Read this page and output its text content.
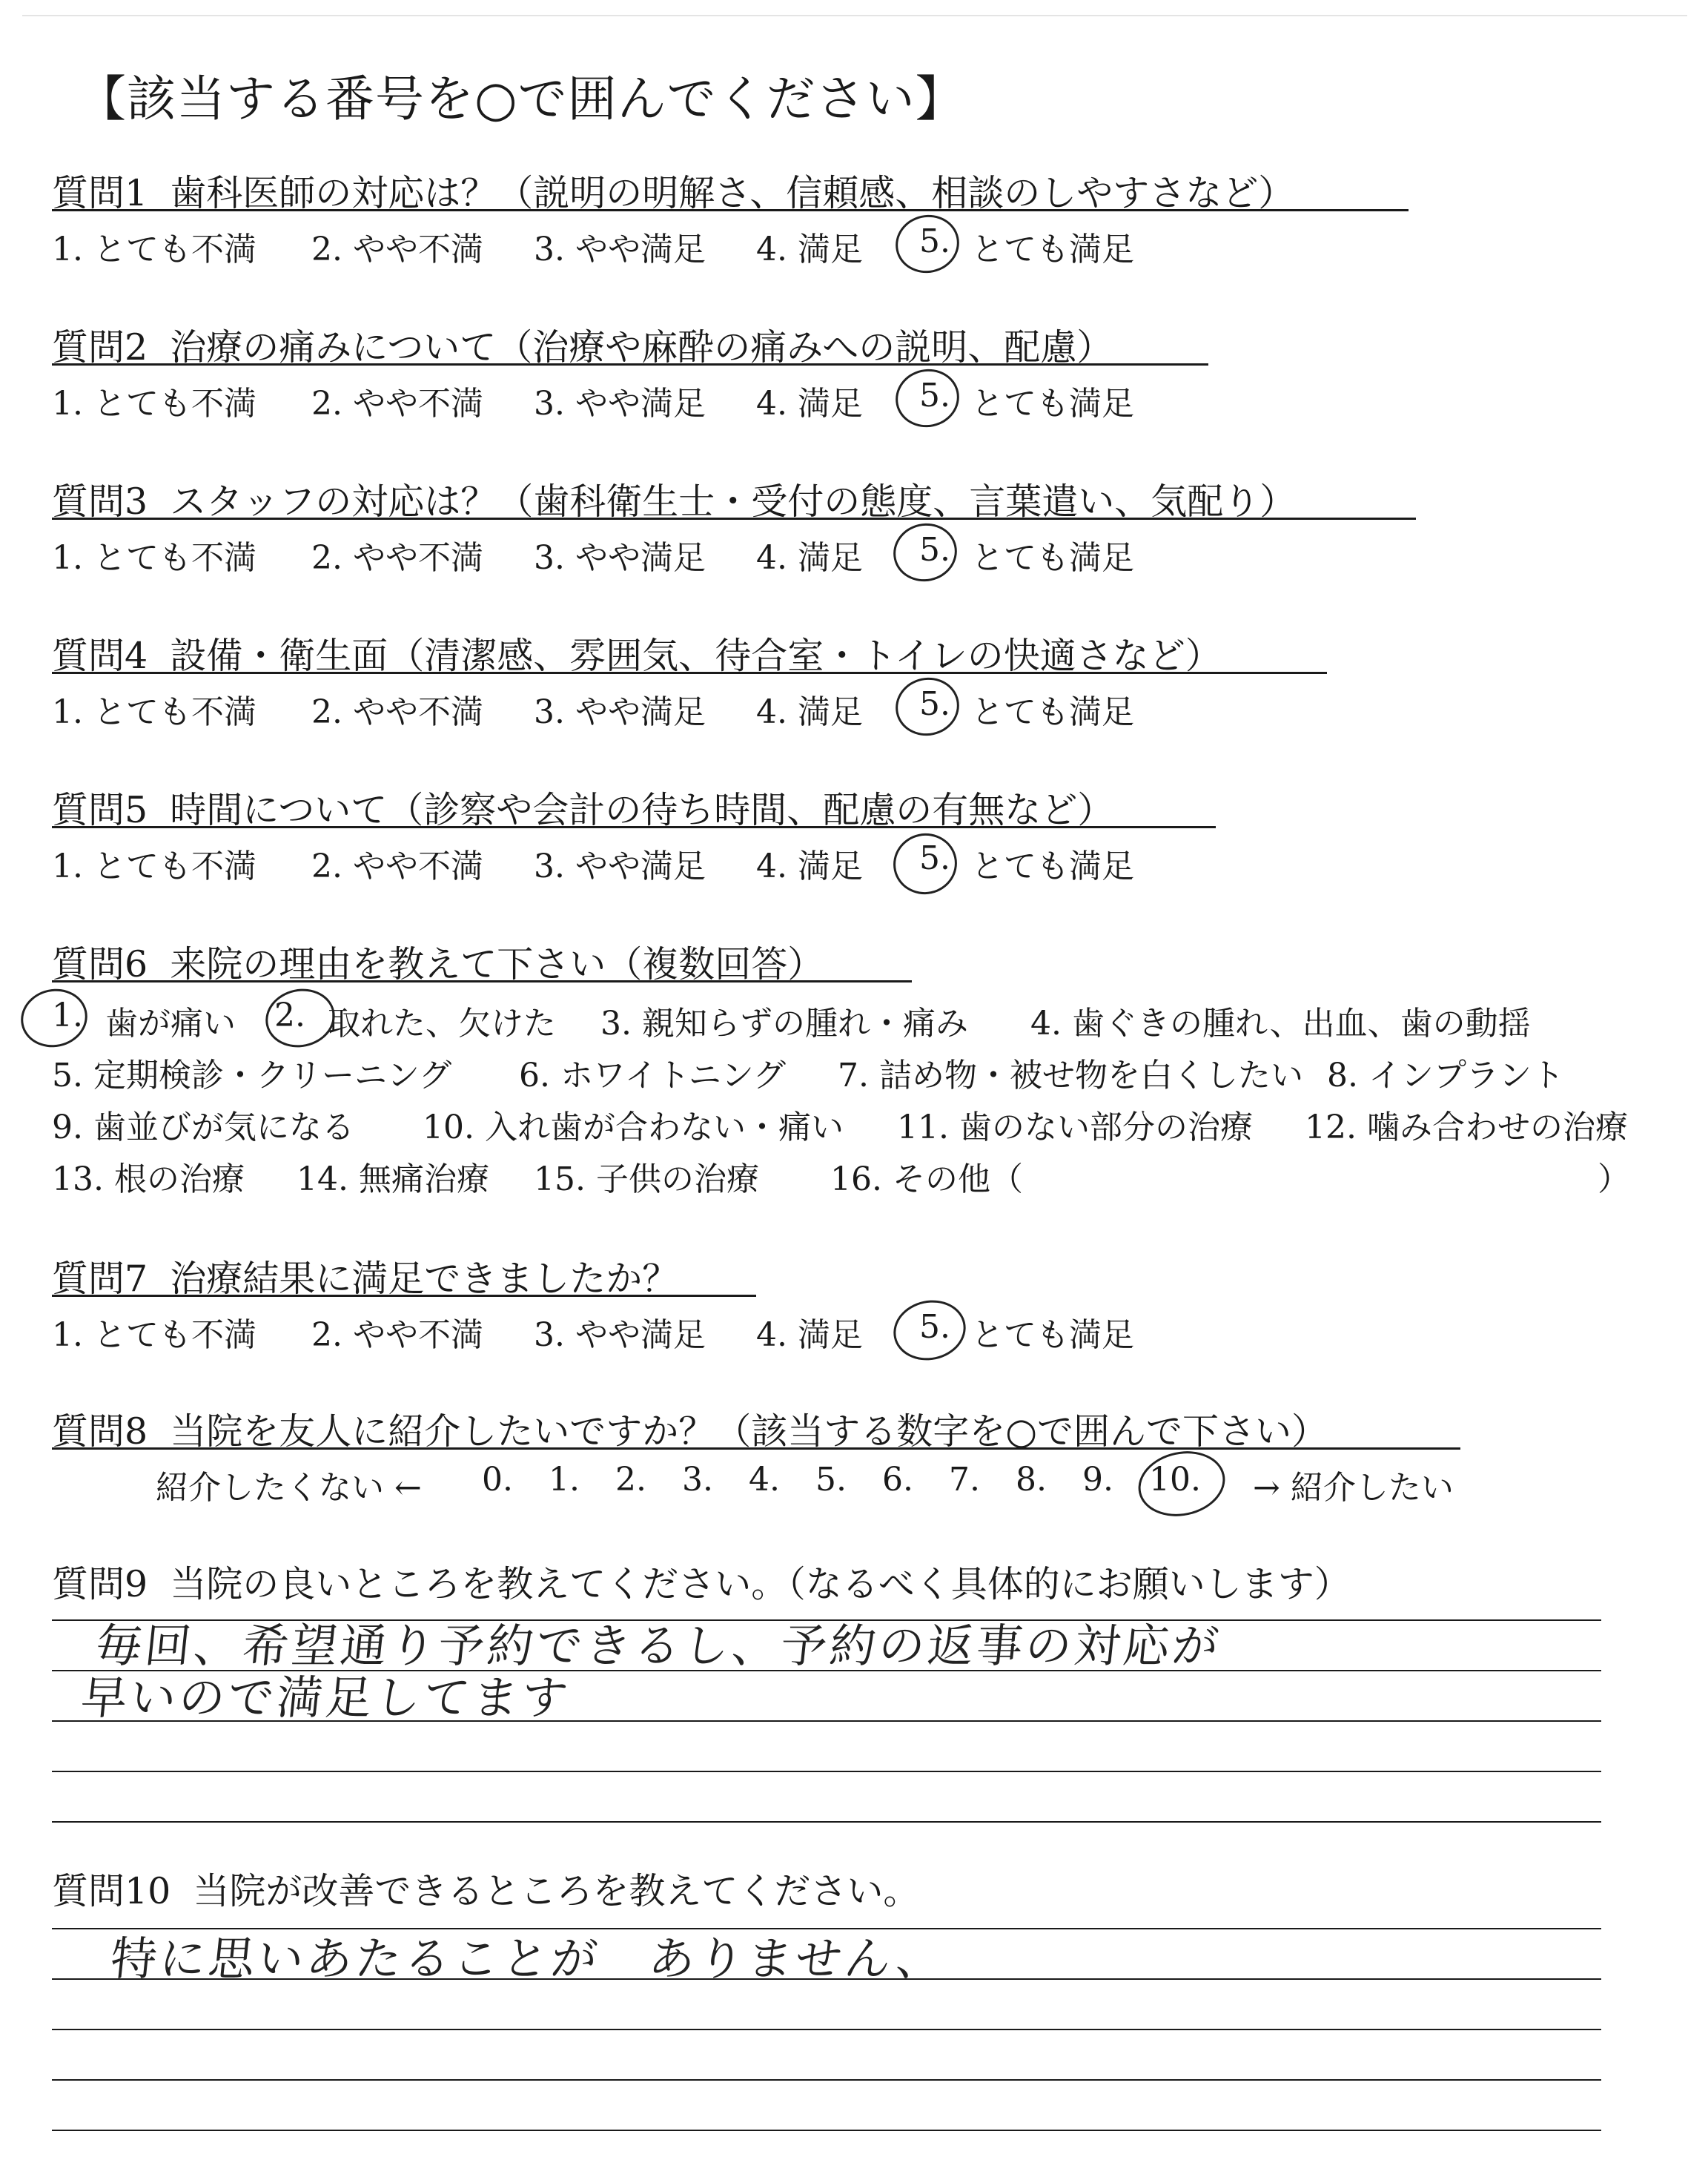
【該当する番号を○で囲んでください】
質問1 歯科医師の対応は？（説明の明解さ、信頼感、相談のしやすさなど）
1. とても不満 2. やや不満 3. やや満足 4. 満足 5. とても満足
質問2 治療の痛みについて（治療や麻酔の痛みへの説明、配慮）
1. とても不満 2. やや不満 3. やや満足 4. 満足 5. とても満足
質問3 スタッフの対応は？（歯科衛生士・受付の態度、言葉遣い、気配り）
1. とても不満 2. やや不満 3. やや満足 4. 満足 5. とても満足
質問4 設備・衛生面（清潔感、雰囲気、待合室・トイレの快適さなど）
1. とても不満 2. やや不満 3. やや満足 4. 満足 5. とても満足
質問5 時間について（診察や会計の待ち時間、配慮の有無など）
1. とても不満 2. やや不満 3. やや満足 4. 満足 5. とても満足
質問6 来院の理由を教えて下さい（複数回答）
1. 歯が痛い 2. 取れた、欠けた 3. 親知らずの腫れ・痛み 4. 歯ぐきの腫れ、出血、歯の動揺
5. 定期検診・クリーニング 6. ホワイトニング 7. 詰め物・被せ物を白くしたい 8. インプラント
9. 歯並びが気になる 10. 入れ歯が合わない・痛い 11. 歯のない部分の治療 12. 噛み合わせの治療
13. 根の治療 14. 無痛治療 15. 子供の治療 16. その他（	）
質問7 治療結果に満足できましたか？
1. とても不満 2. やや不満 3. やや満足 4. 満足 5. とても満足
質問8 当院を友人に紹介したいですか？（該当する数字を○で囲んで下さい）
紹介したくない ← 0. 1. 2. 3. 4. 5. 6. 7. 8. 9. 10. → 紹介したい
質問9 当院の良いところを教えてください。（なるべく具体的にお願いします）
毎回、希望通り予約できるし、予約の返事の対応が
早いので満足してます
質問10 当院が改善できるところを教えてください。
特に思いあたることが　ありません、
